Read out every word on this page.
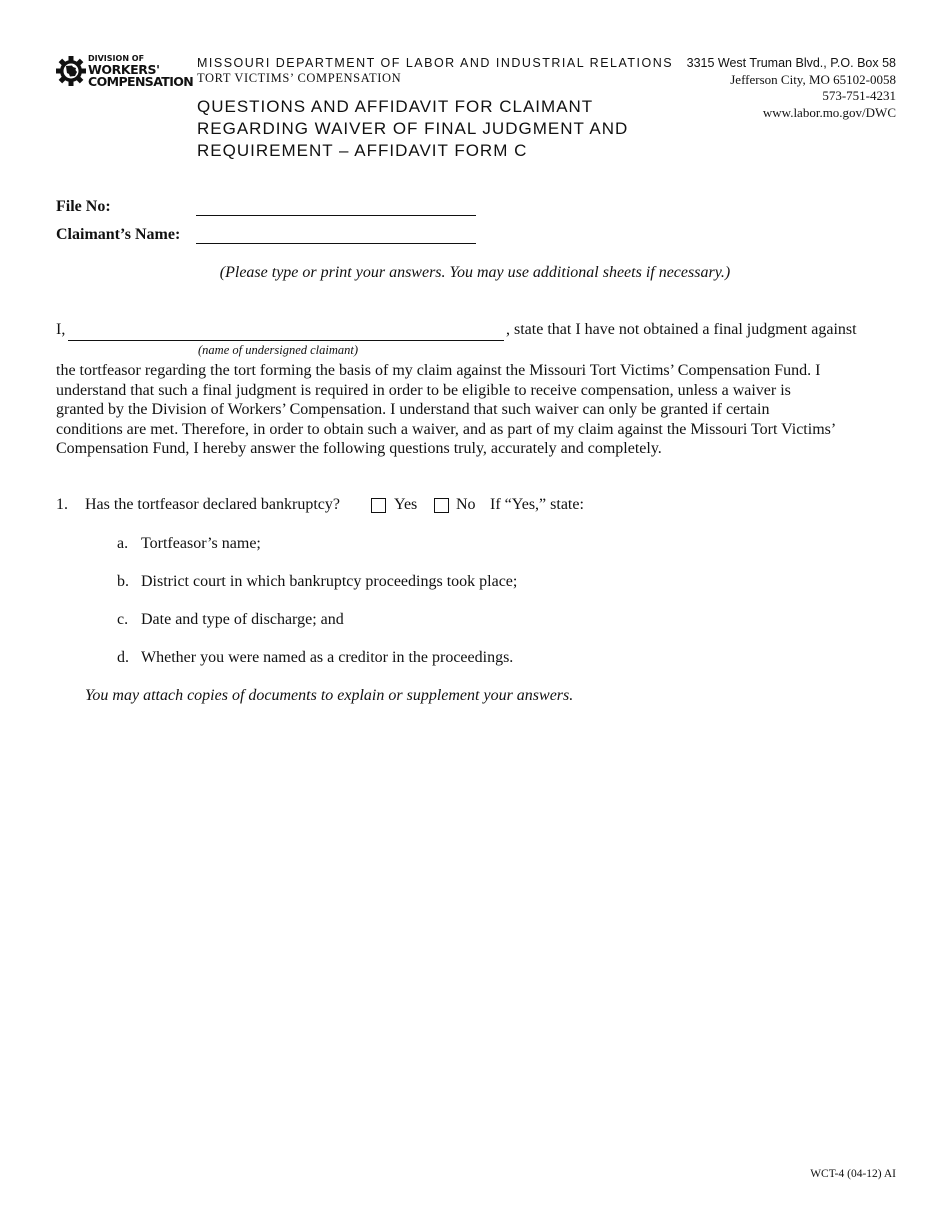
DIVISION OF
WORKERS'
COMPENSATION
MISSOURI DEPARTMENT OF LABOR AND INDUSTRIAL RELATIONS
TORT VICTIMS’ COMPENSATION
QUESTIONS AND AFFIDAVIT FOR CLAIMANT
REGARDING WAIVER OF FINAL JUDGMENT AND
REQUIREMENT – AFFIDAVIT FORM C
3315 West Truman Blvd., P.O. Box 58
Jefferson City, MO 65102-0058
573-751-4231
www.labor.mo.gov/DWC
File No:
Claimant’s Name:
(Please type or print your answers. You may use additional sheets if necessary.)
I,	, state that I have not obtained a final judgment against
(name of undersigned claimant)
the tortfeasor regarding the tort forming the basis of my claim against the Missouri Tort Victims’ Compensation Fund. I
understand that such a final judgment is required in order to be eligible to receive compensation, unless a waiver is
granted by the Division of Workers’ Compensation. I understand that such waiver can only be granted if certain
conditions are met. Therefore, in order to obtain such a waiver, and as part of my claim against the Missouri Tort Victims’
Compensation Fund, I hereby answer the following questions truly, accurately and completely.
1. Has the tortfeasor declared bankruptcy?	Yes No If “Yes,” state:
a. Tortfeasor’s name;
b. District court in which bankruptcy proceedings took place;
c. Date and type of discharge; and
d. Whether you were named as a creditor in the proceedings.
You may attach copies of documents to explain or supplement your answers.
WCT-4 (04-12) AI
